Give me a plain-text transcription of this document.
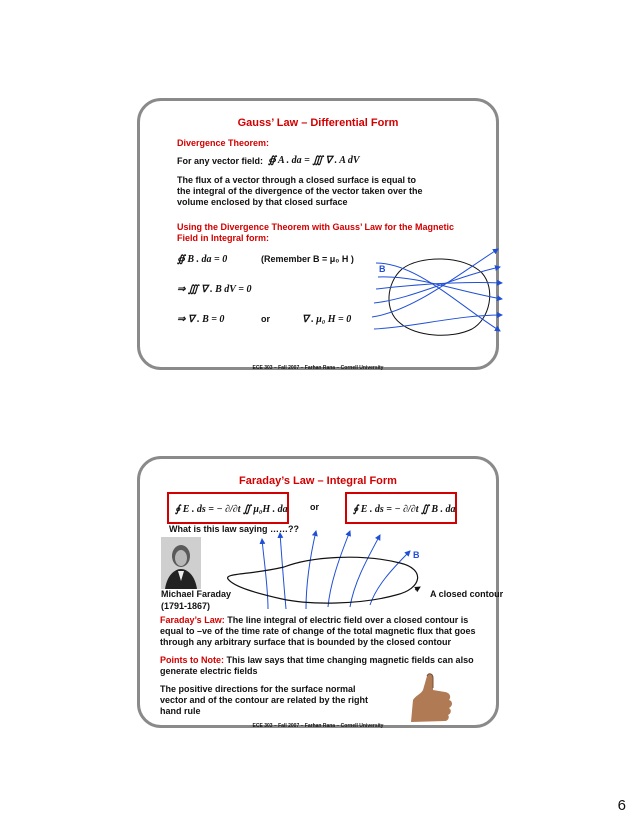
Gauss’ Law – Differential Form
Divergence Theorem:
For any vector field: ∯ A . da = ∭ ∇ . A dV
The flux of a vector through a closed surface is equal to the integral of the divergence of the vector taken over the volume enclosed by that closed surface
Using the Divergence Theorem with Gauss’ Law for the Magnetic Field in Integral form:
∯ B . da = 0	(Remember B = μ₀ H )
⇒ ∭ ∇ . B dV = 0
⇒ ∇ . B = 0	or	∇ . μ₀ H = 0
B
ECE 303 – Fall 2007 – Farhan Rana – Cornell University
Faraday’s Law – Integral Form
∮ E . ds = − ∂/∂t ∬ μ₀H . da or	∮ E . ds = − ∂/∂t ∬ B . da
What is this law saying ……??
Michael Faraday
(1791-1867)
B
A closed contour
Faraday’s Law: The line integral of electric field over a closed contour is equal to –ve of the time rate of change of the total magnetic flux that goes through any arbitrary surface that is bounded by the closed contour
Points to Note: This law says that time changing magnetic fields can also generate electric fields
The positive directions for the surface normal vector and of the contour are related by the right hand rule
ECE 303 – Fall 2007 – Farhan Rana – Cornell University
6
